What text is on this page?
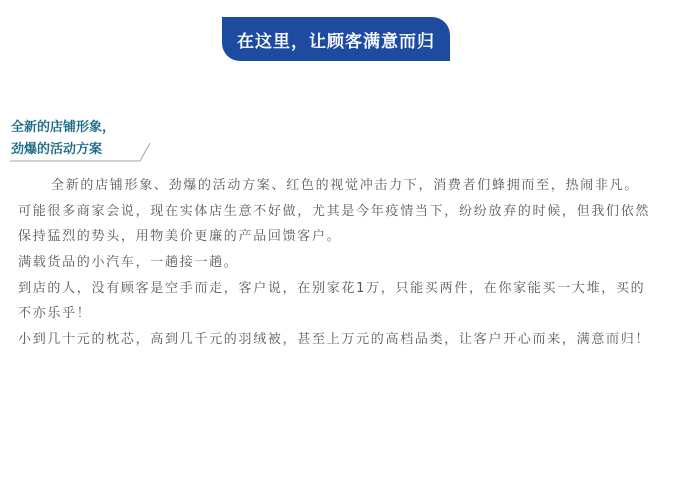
在这里，让顾客满意而归
全新的店铺形象，
劲爆的活动方案

全新的店铺形象、劲爆的活动方案、红色的视觉冲击力下，消费者们蜂拥而至，热闹非凡。

可能很多商家会说，现在实体店生意不好做，尤其是今年疫情当下，纷纷放弃的时候，但我们依然保持猛烈的势头，用物美价更廉的产品回馈客户。

满载货品的小汽车，一趟接一趟。

到店的人，没有顾客是空手而走，客户说，在别家花1万，只能买两件，在你家能买一大堆，买的不亦乐乎！

小到几十元的枕芯，高到几千元的羽绒被，甚至上万元的高档品类，让客户开心而来，满意而归！
